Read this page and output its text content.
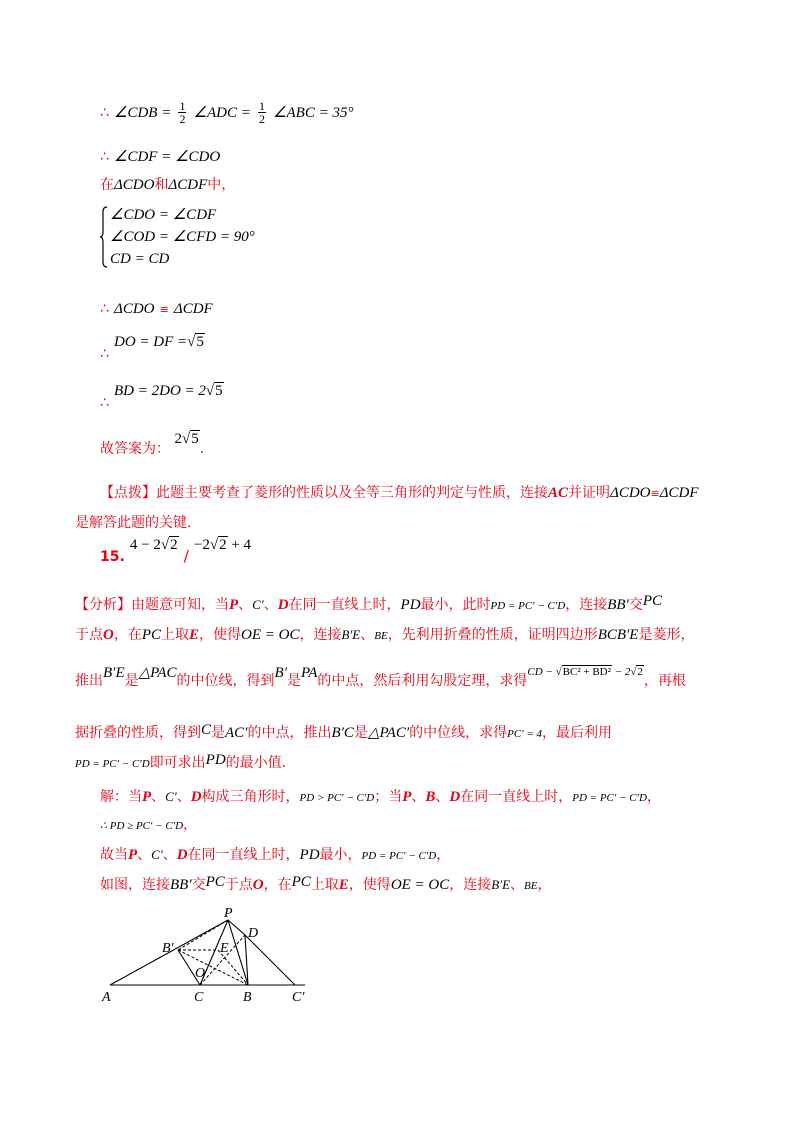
∴ ∠CDB = $\frac{1}{2}$ ∠ADC = $\frac{1}{2}$ ∠ABC = 35°
∴ ∠CDF = ∠CDO
在ΔCDO和ΔCDF中，
∠CDO = ∠CDF
∠COD = ∠CFD = 90°
CD = CD
∴ ΔCDO ≌ ΔCDF
∴ DO = DF =√5
∴ BD = 2DO = 2√5
故答案为： 2√5.
【点拨】此题主要考查了菱形的性质以及全等三角形的判定与性质，连接AC并证明ΔCDO≌ΔCDF
是解答此题的关键.
15. 4 − 2√2 / −2√2 + 4
【分析】由题意可知，当P、C′、D在同一直线上时，PD最小，此时PD = PC′ − C′D，连接BB′交PC
于点O，在PC上取E，使得OE = OC，连接B′E、BE，先利用折叠的性质，证明四边形BCB′E是菱形，
推出B′E是△PAC的中位线，得到B′是PA的中点，然后利用勾股定理，求得$^{CD - √BC^2 + BD^2 - 2√2}$，再根
据折叠的性质，得到C是AC′的中点，推出B′C是△PAC′的中位线，求得PC′ = 4，最后利用
PD = PC′ − C′D即可求出PD的最小值.
解：当P、C′、D构成三角形时，PD > PC′ − C′D；当P、B、D在同一直线上时，PD = PC′ − C′D，
∴ PD ≥ PC′ − C′D，
故当P、C′、D在同一直线上时，PD最小，PD = PC′ − C′D，
如图，连接BB′交PC于点O，在PC上取E，使得OE = OC，连接B′E、BE，
P
D
B′	E
O
A	C	B	C′
